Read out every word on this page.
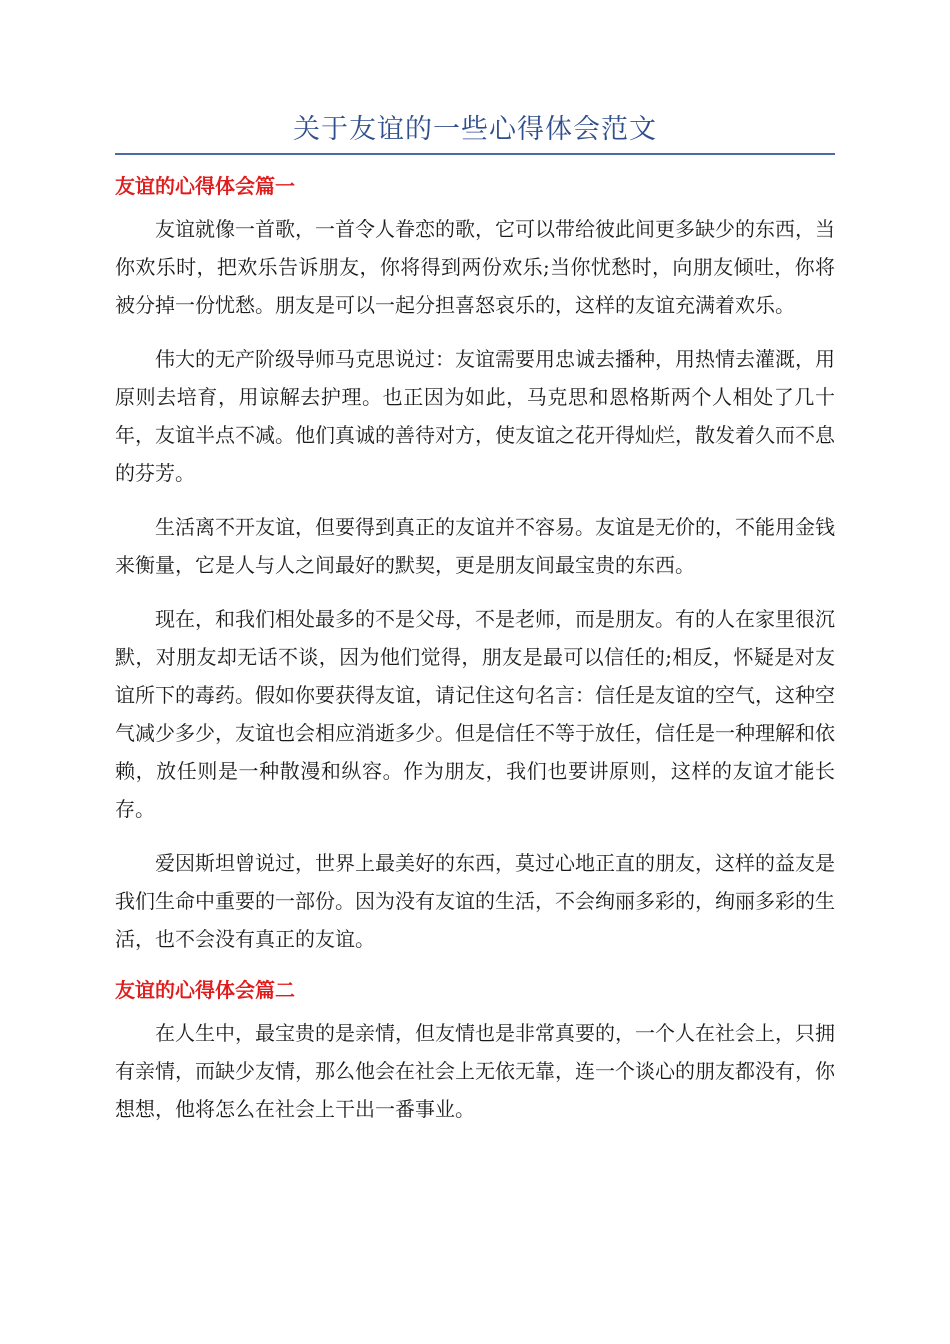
关于友谊的一些心得体会范文
友谊的心得体会篇一

友谊就像一首歌，一首令人眷恋的歌，它可以带给彼此间更多缺少的东西，当你欢乐时，把欢乐告诉朋友，你将得到两份欢乐;当你忧愁时，向朋友倾吐，你将被分掉一份忧愁。朋友是可以一起分担喜怒哀乐的，这样的友谊充满着欢乐。

伟大的无产阶级导师马克思说过：友谊需要用忠诚去播种，用热情去灌溉，用原则去培育，用谅解去护理。也正因为如此，马克思和恩格斯两个人相处了几十年，友谊半点不减。他们真诚的善待对方，使友谊之花开得灿烂，散发着久而不息的芬芳。

生活离不开友谊，但要得到真正的友谊并不容易。友谊是无价的，不能用金钱来衡量，它是人与人之间最好的默契，更是朋友间最宝贵的东西。

现在，和我们相处最多的不是父母，不是老师，而是朋友。有的人在家里很沉默，对朋友却无话不谈，因为他们觉得，朋友是最可以信任的;相反，怀疑是对友谊所下的毒药。假如你要获得友谊，请记住这句名言：信任是友谊的空气，这种空气减少多少，友谊也会相应消逝多少。但是信任不等于放任，信任是一种理解和依赖，放任则是一种散漫和纵容。作为朋友，我们也要讲原则，这样的友谊才能长存。

爱因斯坦曾说过，世界上最美好的东西，莫过心地正直的朋友，这样的益友是我们生命中重要的一部份。因为没有友谊的生活，不会绚丽多彩的，绚丽多彩的生活，也不会没有真正的友谊。

友谊的心得体会篇二

在人生中，最宝贵的是亲情，但友情也是非常真要的，一个人在社会上，只拥有亲情，而缺少友情，那么他会在社会上无依无靠，连一个谈心的朋友都没有，你想想，他将怎么在社会上干出一番事业。
